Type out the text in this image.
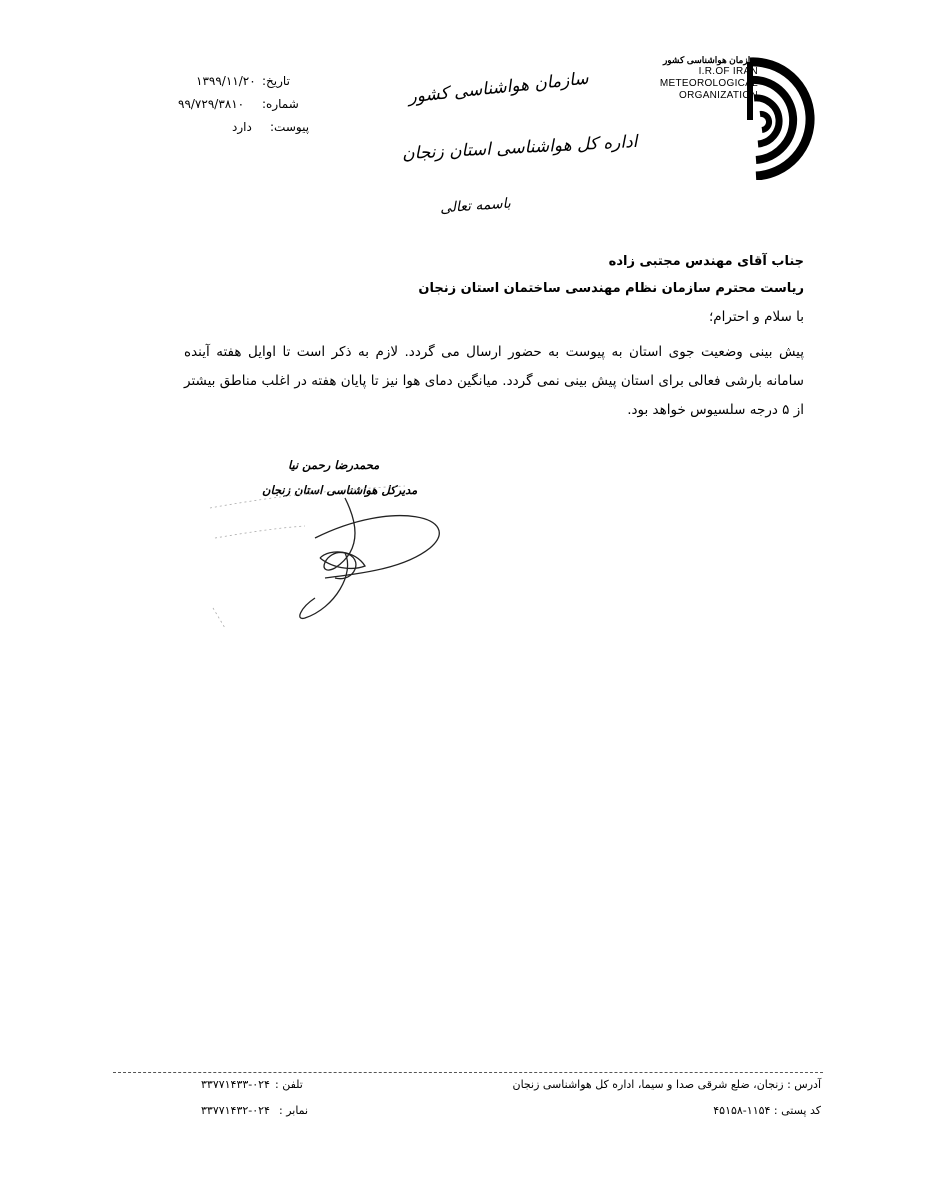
سازمان هواشناسی کشور
I.R.OF IRAN
METEOROLOGICAL
ORGANIZATION
سازمان هواشناسی کشور
اداره کل هواشناسی استان زنجان
باسمه تعالی
تاریخ:
۱۳۹۹/۱۱/۲۰
شماره:
۹۹/۷۲۹/۳۸۱۰
پیوست:
دارد
جناب آقای مهندس مجتبی زاده
ریاست محترم سازمان نظام مهندسی ساختمان استان زنجان
با سلام و احترام؛
پیش بینی وضعیت جوی استان به پیوست به حضور ارسال می گردد. لازم به ذکر است تا اوایل هفته آینده سامانه بارشی فعالی برای استان پیش بینی نمی گردد. میانگین دمای هوا نیز تا پایان هفته در اغلب مناطق بیشتر از ۵ درجه سلسیوس خواهد بود.
محمدرضا رحمن نیا
مدیرکل هواشناسی استان زنجان
آدرس : زنجان، ضلع شرقی صدا و سیما، اداره کل هواشناسی زنجان
کد پستی : ۱۱۵۴-۴۵۱۵۸
تلفن :
۳۳۷۷۱۴۳۳-۰۲۴
نمابر :
۳۳۷۷۱۴۳۲-۰۲۴
